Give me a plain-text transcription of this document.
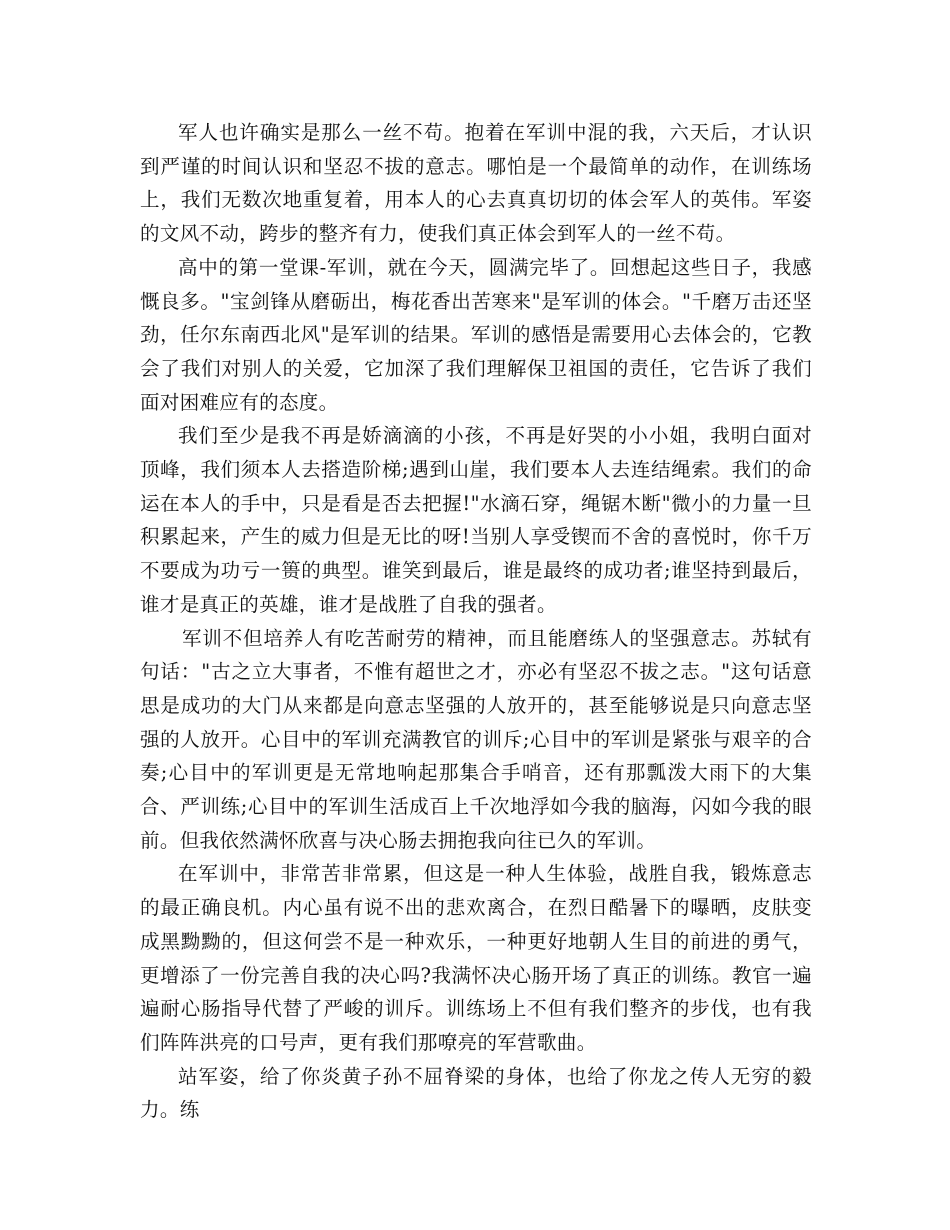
军人也许确实是那么一丝不苟。抱着在军训中混的我，六天后，才认识到严谨的时间认识和坚忍不拔的意志。哪怕是一个最简单的动作，在训练场上，我们无数次地重复着，用本人的心去真真切切的体会军人的英伟。军姿的文风不动，跨步的整齐有力，使我们真正体会到军人的一丝不苟。

高中的第一堂课-军训，就在今天，圆满完毕了。回想起这些日子，我感慨良多。"宝剑锋从磨砺出，梅花香出苦寒来"是军训的体会。"千磨万击还坚劲，任尔东南西北风"是军训的结果。军训的感悟是需要用心去体会的，它教会了我们对别人的关爱，它加深了我们理解保卫祖国的责任，它告诉了我们面对困难应有的态度。

我们至少是我不再是娇滴滴的小孩，不再是好哭的小小姐，我明白面对顶峰，我们须本人去搭造阶梯;遇到山崖，我们要本人去连结绳索。我们的命运在本人的手中，只是看是否去把握!"水滴石穿，绳锯木断"微小的力量一旦积累起来，产生的威力但是无比的呀!当别人享受锲而不舍的喜悦时，你千万不要成为功亏一篑的典型。谁笑到最后，谁是最终的成功者;谁坚持到最后，谁才是真正的英雄，谁才是战胜了自我的强者。

军训不但培养人有吃苦耐劳的精神，而且能磨练人的坚强意志。苏轼有句话："古之立大事者，不惟有超世之才，亦必有坚忍不拔之志。"这句话意思是成功的大门从来都是向意志坚强的人放开的，甚至能够说是只向意志坚强的人放开。心目中的军训充满教官的训斥;心目中的军训是紧张与艰辛的合奏;心目中的军训更是无常地响起那集合手哨音，还有那瓢泼大雨下的大集合、严训练;心目中的军训生活成百上千次地浮如今我的脑海，闪如今我的眼前。但我依然满怀欣喜与决心肠去拥抱我向往已久的军训。

在军训中，非常苦非常累，但这是一种人生体验，战胜自我，锻炼意志的最正确良机。内心虽有说不出的悲欢离合，在烈日酷暑下的曝晒，皮肤变成黑黝黝的，但这何尝不是一种欢乐，一种更好地朝人生目的前进的勇气，更增添了一份完善自我的决心吗?我满怀决心肠开场了真正的训练。教官一遍遍耐心肠指导代替了严峻的训斥。训练场上不但有我们整齐的步伐，也有我们阵阵洪亮的口号声，更有我们那嘹亮的军营歌曲。

站军姿，给了你炎黄子孙不屈脊梁的身体，也给了你龙之传人无穷的毅力。练
